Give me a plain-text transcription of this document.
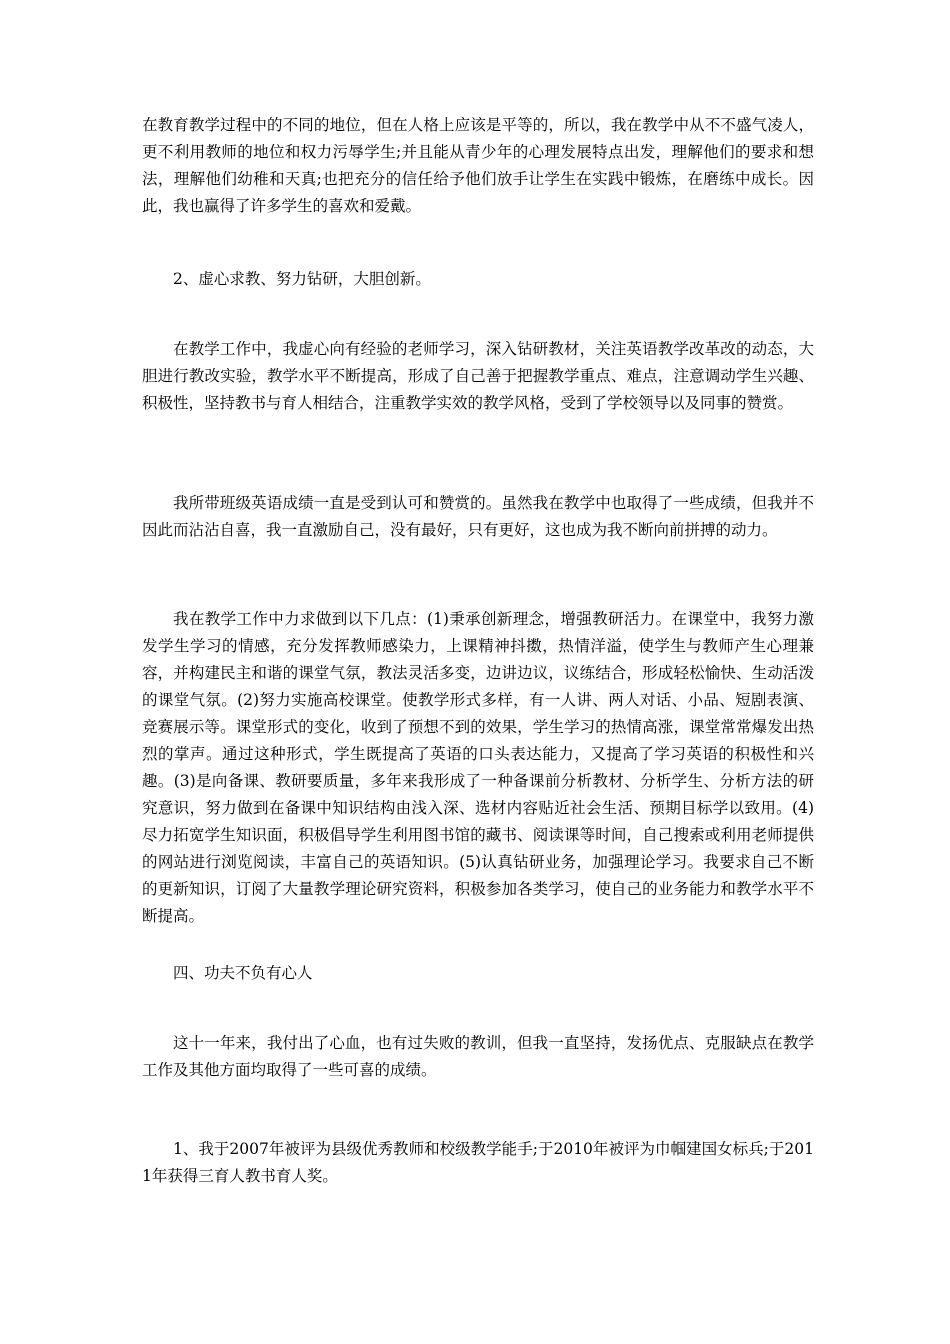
在教育教学过程中的不同的地位，但在人格上应该是平等的，所以，我在教学中从不不盛气凌人，更不利用教师的地位和权力污辱学生;并且能从青少年的心理发展特点出发，理解他们的要求和想法，理解他们幼稚和天真;也把充分的信任给予他们放手让学生在实践中锻炼，在磨练中成长。因此，我也赢得了许多学生的喜欢和爱戴。

2、虚心求教、努力钻研，大胆创新。

在教学工作中，我虚心向有经验的老师学习，深入钻研教材，关注英语教学改革改的动态，大胆进行教改实验，教学水平不断提高，形成了自己善于把握教学重点、难点，注意调动学生兴趣、积极性，坚持教书与育人相结合，注重教学实效的教学风格，受到了学校领导以及同事的赞赏。

我所带班级英语成绩一直是受到认可和赞赏的。虽然我在教学中也取得了一些成绩，但我并不因此而沾沾自喜，我一直激励自己，没有最好，只有更好，这也成为我不断向前拼搏的动力。

我在教学工作中力求做到以下几点：(1)秉承创新理念，增强教研活力。在课堂中，我努力激发学生学习的情感，充分发挥教师感染力，上课精神抖擞，热情洋溢，使学生与教师产生心理兼容，并构建民主和谐的课堂气氛，教法灵活多变，边讲边议，议练结合，形成轻松愉快、生动活泼的课堂气氛。(2)努力实施高校课堂。使教学形式多样，有一人讲、两人对话、小品、短剧表演、竞赛展示等。课堂形式的变化，收到了预想不到的效果，学生学习的热情高涨，课堂常常爆发出热烈的掌声。通过这种形式，学生既提高了英语的口头表达能力，又提高了学习英语的积极性和兴趣。(3)是向备课、教研要质量，多年来我形成了一种备课前分析教材、分析学生、分析方法的研究意识，努力做到在备课中知识结构由浅入深、选材内容贴近社会生活、预期目标学以致用。(4)尽力拓宽学生知识面，积极倡导学生利用图书馆的藏书、阅读课等时间，自己搜索或利用老师提供的网站进行浏览阅读，丰富自己的英语知识。(5)认真钻研业务，加强理论学习。我要求自己不断的更新知识，订阅了大量教学理论研究资料，积极参加各类学习，使自己的业务能力和教学水平不断提高。

四、功夫不负有心人

这十一年来，我付出了心血，也有过失败的教训，但我一直坚持，发扬优点、克服缺点在教学工作及其他方面均取得了一些可喜的成绩。

1、我于2007年被评为县级优秀教师和校级教学能手;于2010年被评为巾帼建国女标兵;于2011年获得三育人教书育人奖。
